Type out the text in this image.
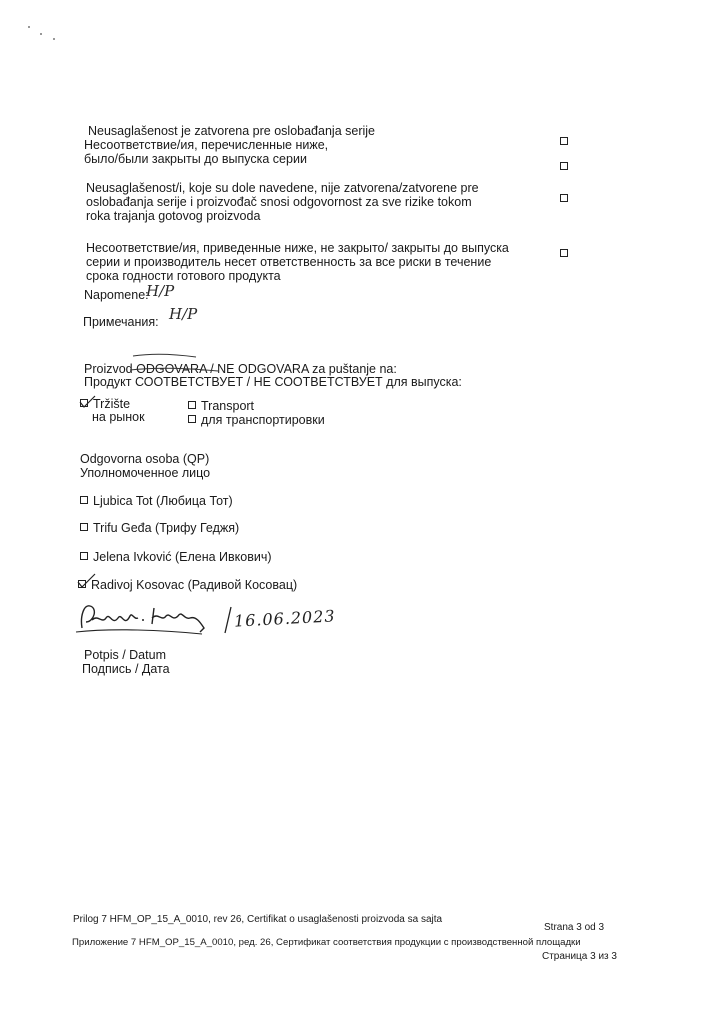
Neusaglašenost je zatvorena pre oslobađanja serije
Несоответствие/ия, перечисленные ниже,
было/были закрыты до выпуска серии
Neusaglašenost/i, koje su dole navedene, nije zatvorena/zatvorene pre
oslobađanja serije i proizvođač snosi odgovornost za sve rizike tokom
roka trajanja gotovog proizvoda
Несоответствие/ия, приведенные ниже, не закрыто/ закрыты до выпуска
серии и производитель несет ответственность за все риски в течение
срока годности готового продукта
Napomene:
Н/Р
Примечания: Н/Р
Proizvod ODGOVARA / NE ODGOVARA za puštanje na:
Продукт СООТВЕТСТВУЕТ / НЕ СООТВЕТСТВУЕТ для выпуска:
Tržište
на рынок
Transport
для транспортировки
Odgovorna osoba (QP)
Уполномоченное лицо
Ljubica Tot (Любица Тот)
Trifu Geđa (Трифу Геджя)
Jelena Ivković (Елена Ивкович)
Radivoj Kosovac (Радивой Косовац)
16.06.2023
Potpis / Datum
Подпись / Дата
Prilog 7 HFM_OP_15_A_0010, rev 26, Certifikat o usaglašenosti proizvoda sa sajta
Strana 3 od 3
Приложение 7 HFM_OP_15_A_0010, ред. 26, Сертификат соответствия продукции с производственной площадки
Страница 3 из 3
